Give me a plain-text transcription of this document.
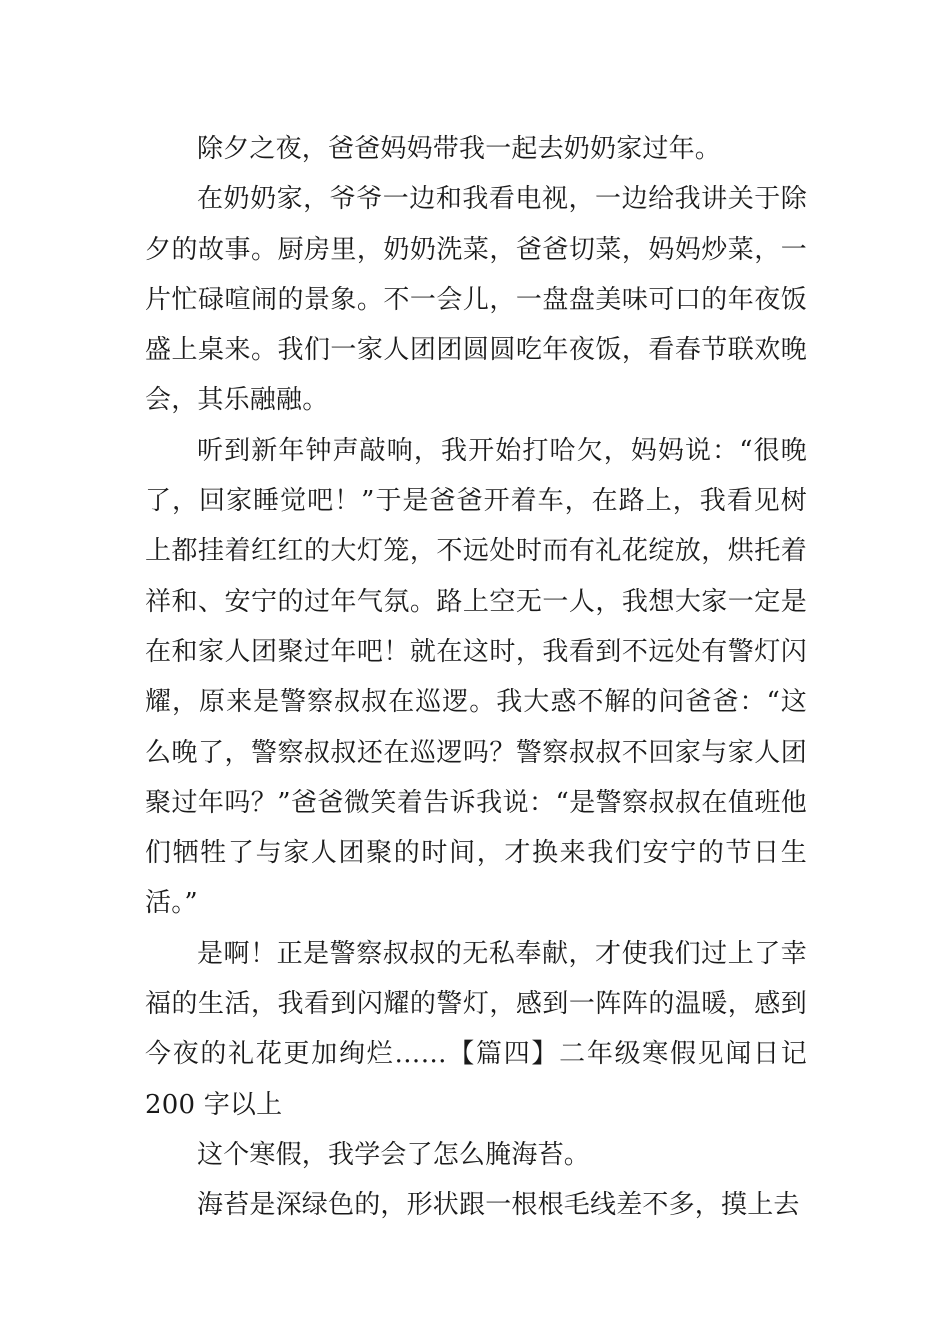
除夕之夜，爸爸妈妈带我一起去奶奶家过年。

在奶奶家，爷爷一边和我看电视，一边给我讲关于除夕的故事。厨房里，奶奶洗菜，爸爸切菜，妈妈炒菜，一片忙碌喧闹的景象。不一会儿，一盘盘美味可口的年夜饭盛上桌来。我们一家人团团圆圆吃年夜饭，看春节联欢晚会，其乐融融。

听到新年钟声敲响，我开始打哈欠，妈妈说：“很晚了，回家睡觉吧！”于是爸爸开着车，在路上，我看见树上都挂着红红的大灯笼，不远处时而有礼花绽放，烘托着祥和、安宁的过年气氛。路上空无一人，我想大家一定是在和家人团聚过年吧！就在这时，我看到不远处有警灯闪耀，原来是警察叔叔在巡逻。我大惑不解的问爸爸：“这么晚了，警察叔叔还在巡逻吗？警察叔叔不回家与家人团聚过年吗？”爸爸微笑着告诉我说：“是警察叔叔在值班他们牺牲了与家人团聚的时间，才换来我们安宁的节日生活。”

是啊！正是警察叔叔的无私奉献，才使我们过上了幸福的生活，我看到闪耀的警灯，感到一阵阵的温暖，感到今夜的礼花更加绚烂……【篇四】二年级寒假见闻日记 200 字以上

这个寒假，我学会了怎么腌海苔。

海苔是深绿色的，形状跟一根根毛线差不多，摸上去
